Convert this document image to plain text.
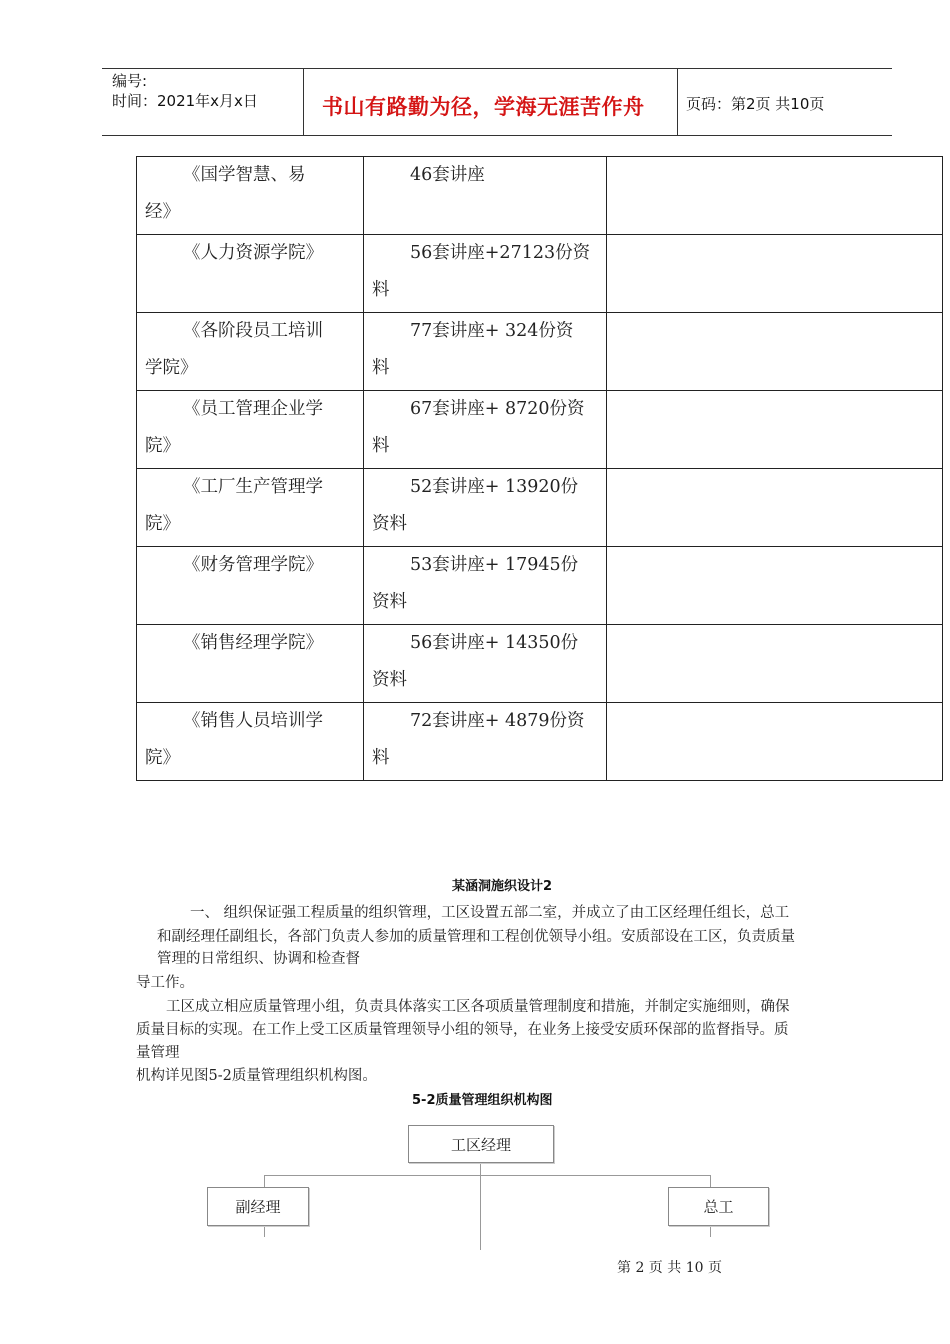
编号:
时间：2021年x月x日	书山有路勤为径，学海无涯苦作舟	页码：第2页 共10页
《国学智慧、易
经》	46套讲座	

《人力资源学院》	56套讲座+27123份资
料	

《各阶段员工培训
学院》	77套讲座+ 324份资
料	

《员工管理企业学
院》	67套讲座+ 8720份资
料	

《工厂生产管理学
院》	52套讲座+ 13920份
资料	

《财务管理学院》	53套讲座+ 17945份
资料	

《销售经理学院》	56套讲座+ 14350份
资料	

《销售人员培训学
院》	72套讲座+ 4879份资
料	
某涵洞施织设计2
一、 组织保证强工程质量的组织管理，工区设置五部二室，并成立了由工区经理任组长，总工
和副经理任副组长，各部门负责人参加的质量管理和工程创优领导小组。安质部设在工区，负责质量
管理的日常组织、协调和检查督
导工作。
工区成立相应质量管理小组，负责具体落实工区各项质量管理制度和措施，并制定实施细则，确保
质量目标的实现。在工作上受工区质量管理领导小组的领导，在业务上接受安质环保部的监督指导。质
量管理
机构详见图5-2质量管理组织机构图。
5-2质量管理组织机构图
工区经理
副经理	总工
第 2 页 共 10 页
